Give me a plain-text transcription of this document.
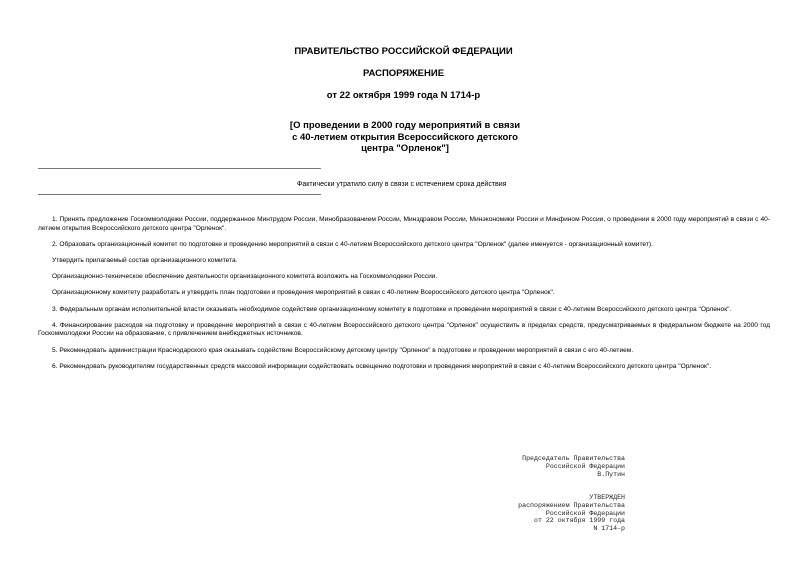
ПРАВИТЕЛЬСТВО РОССИЙСКОЙ ФЕДЕРАЦИИ
РАСПОРЯЖЕНИЕ
от 22 октября 1999 года N 1714-р
[О проведении в 2000 году мероприятий в связи
с 40-летием открытия Всероссийского детского
центра "Орленок"]
Фактически утратило силу в связи с истечением срока действия

1. Принять предложение Госкоммолодежи России, поддержанное Минтрудом России, Минобразованием России, Минздравом России, Минэкономики России и Минфином России, о проведении в 2000 году мероприятий в связи с 40-летием открытия Всероссийского детского центра "Орленок".

2. Образовать организационный комитет по подготовке и проведению мероприятий в связи с 40-летием Всероссийского детского центра "Орленок" (далее именуется - организационный комитет).

Утвердить прилагаемый состав организационного комитета.

Организационно-техническое обеспечение деятельности организационного комитета возложить на Госкоммолодежи России.

Организационному комитету разработать и утвердить план подготовки и проведения мероприятий в связи с 40-летием Всероссийского детского центра "Орленок".

3. Федеральным органам исполнительной власти оказывать необходимое содействие организационному комитету в подготовке и проведении мероприятий в связи с 40-летием Всероссийского детского центра "Орленок".

4. Финансирование расходов на подготовку и проведение мероприятий в связи с 40-летием Всероссийского детского центра "Орленок" осуществить в пределах средств, предусматриваемых в федеральном бюджете на 2000 год Госкоммолодежи России на образование, с привлечением внебюджетных источников.

5. Рекомендовать администрации Краснодарского края оказывать содействие Всероссийскому детскому центру "Орленок" в подготовке и проведении мероприятий в связи с его 40-летием.

6. Рекомендовать руководителям государственных средств массовой информации содействовать освещению подготовки и проведения мероприятий в связи с 40-летием Всероссийского детского центра "Орленок".

Председатель Правительства
Российской Федерации
В.Путин
УТВЕРЖДЕН
распоряжением Правительства
Российской Федерации
от 22 октября 1999 года
N 1714-р
